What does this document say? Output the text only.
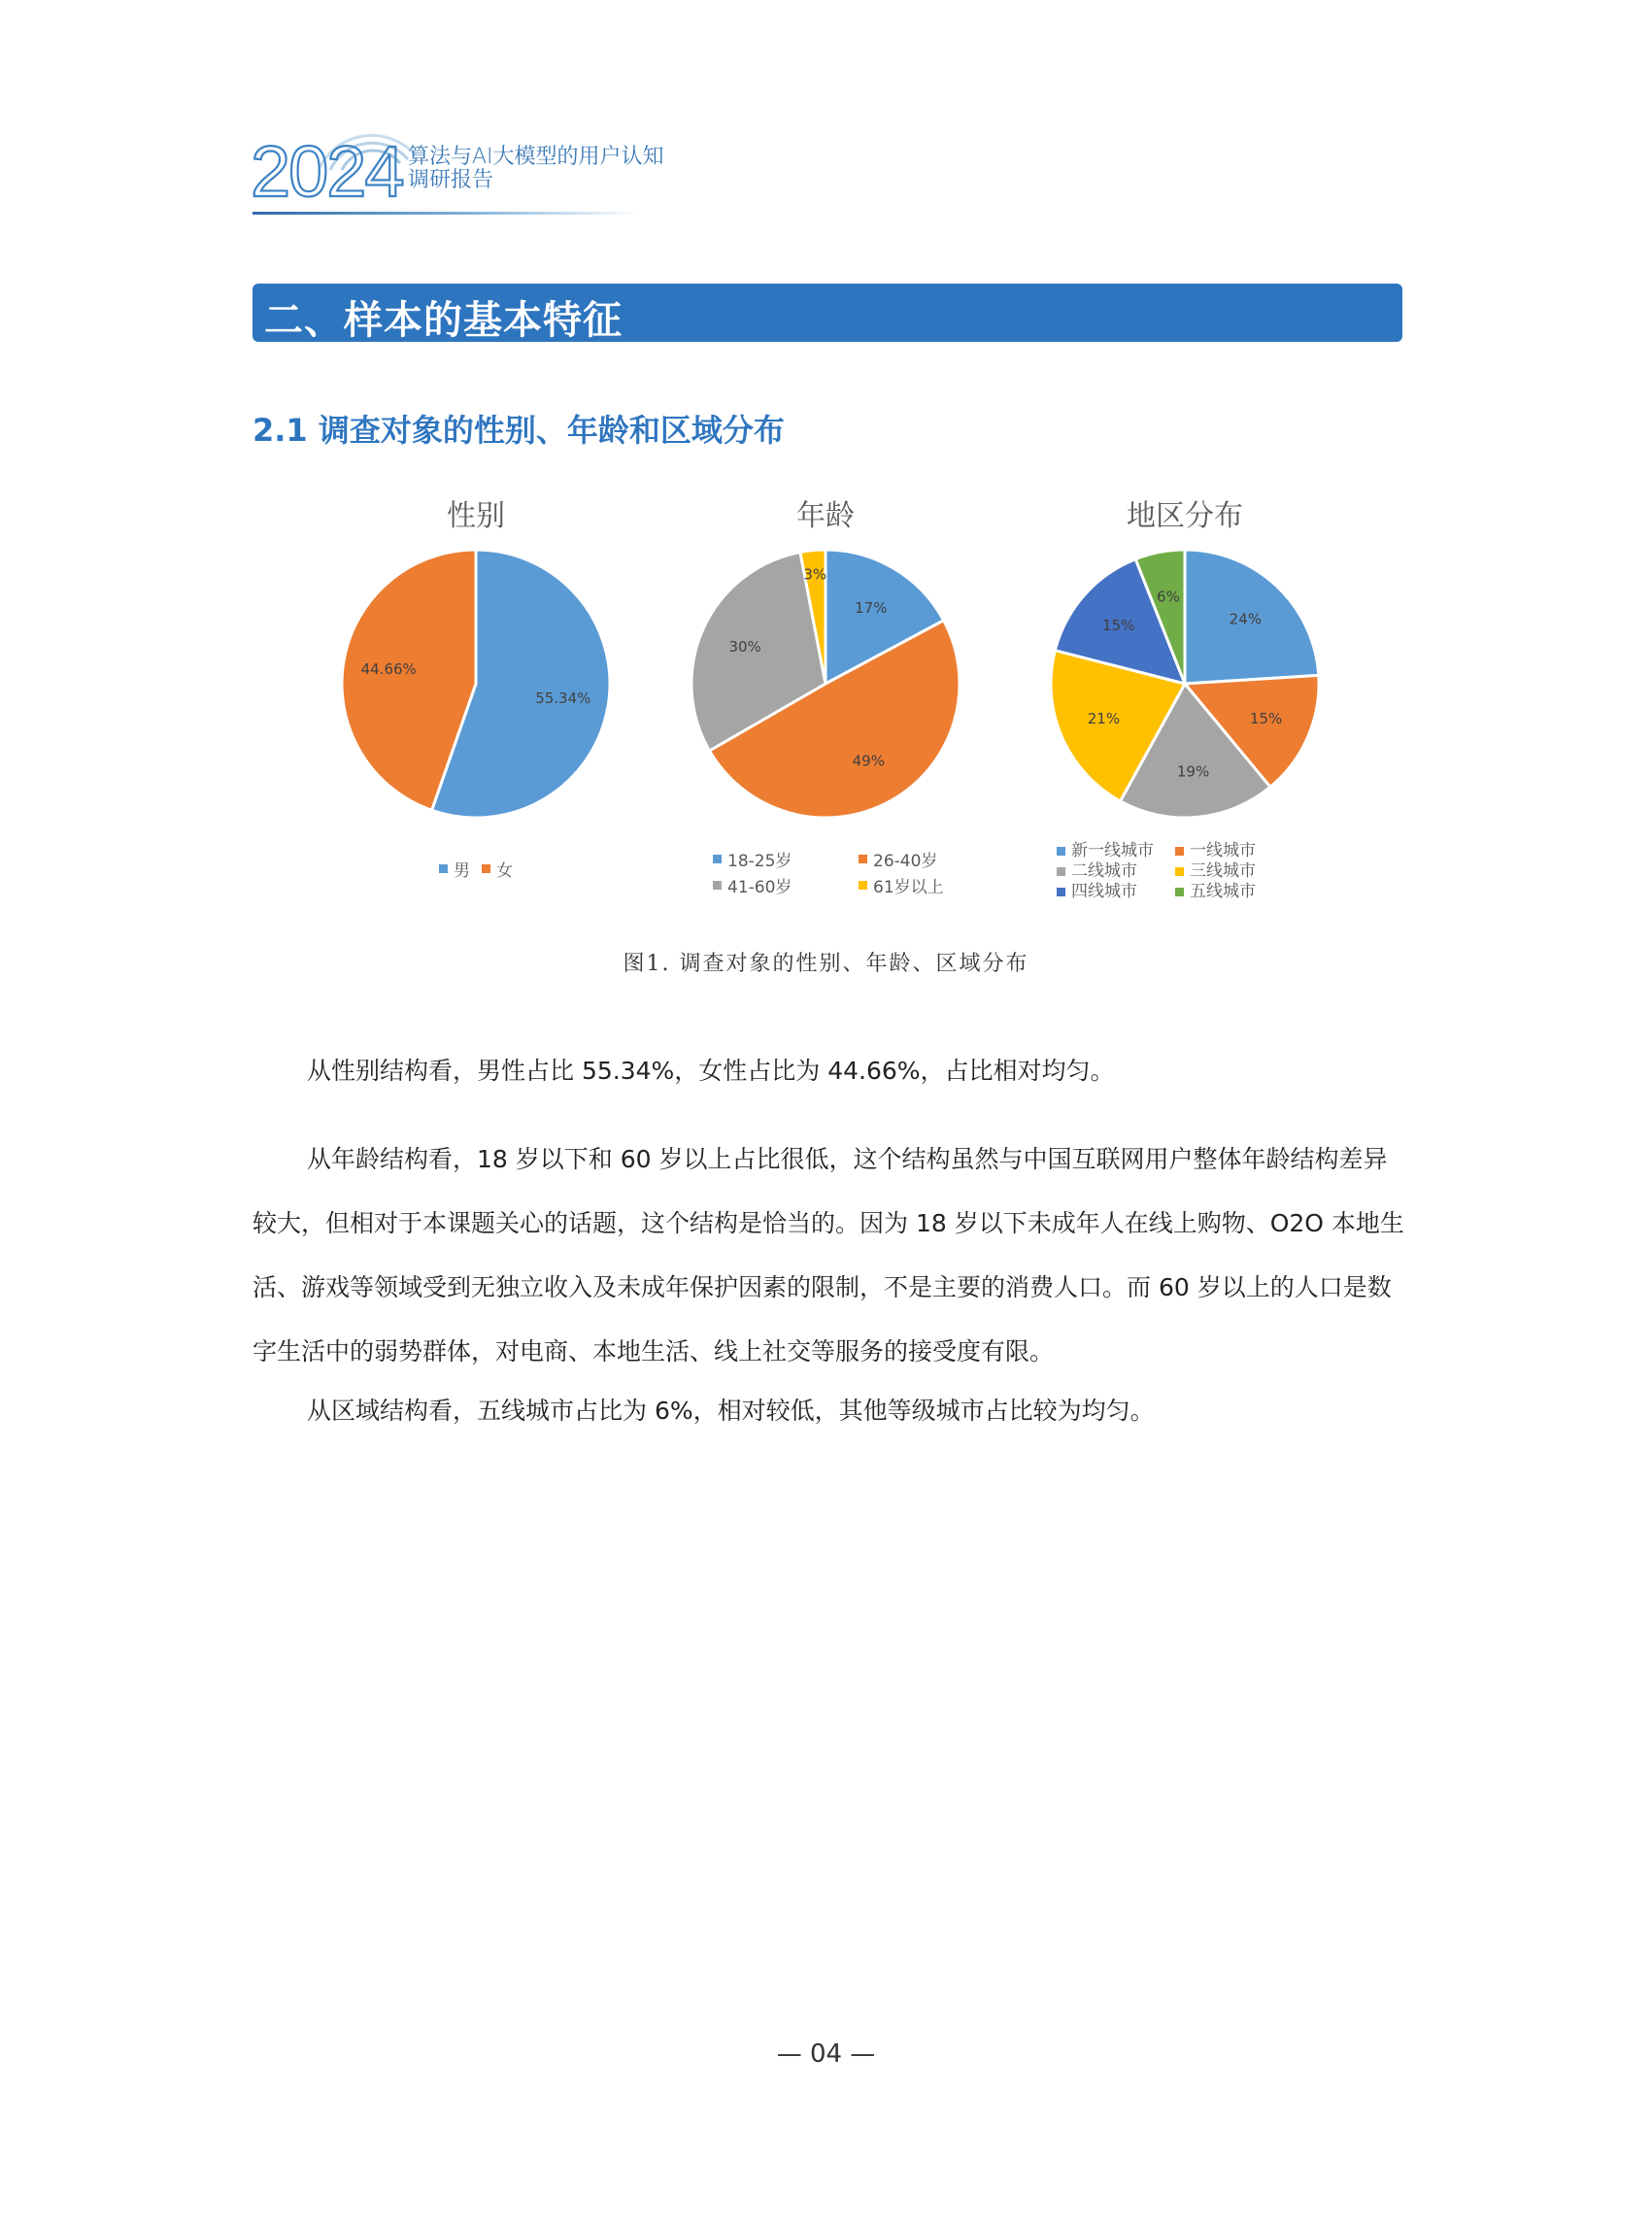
2024 算法与AI大模型的用户认知
调研报告
二、样本的基本特征
2.1 调查对象的性别、年龄和区域分布
性别
55.34%
44.66%
男 女
年龄
17%
49%
30%
3%
18-25岁	26-40岁
41-60岁	61岁以上
地区分布
24%
15%
19%
21%
15%
6%
新一线城市 一线城市
二线城市	三线城市
四线城市	五线城市
图1. 调查对象的性别、年龄、区域分布

从性别结构看，男性占比 55.34%，女性占比为 44.66%，占比相对均匀。

从年龄结构看，18 岁以下和 60 岁以上占比很低，这个结构虽然与中国互联网用户整体年龄结构差异较大，但相对于本课题关心的话题，这个结构是恰当的。因为 18 岁以下未成年人在线上购物、O2O 本地生活、游戏等领域受到无独立收入及未成年保护因素的限制，不是主要的消费人口。而 60 岁以上的人口是数字生活中的弱势群体，对电商、本地生活、线上社交等服务的接受度有限。

从区域结构看，五线城市占比为 6%，相对较低，其他等级城市占比较为均匀。

— 04 —
